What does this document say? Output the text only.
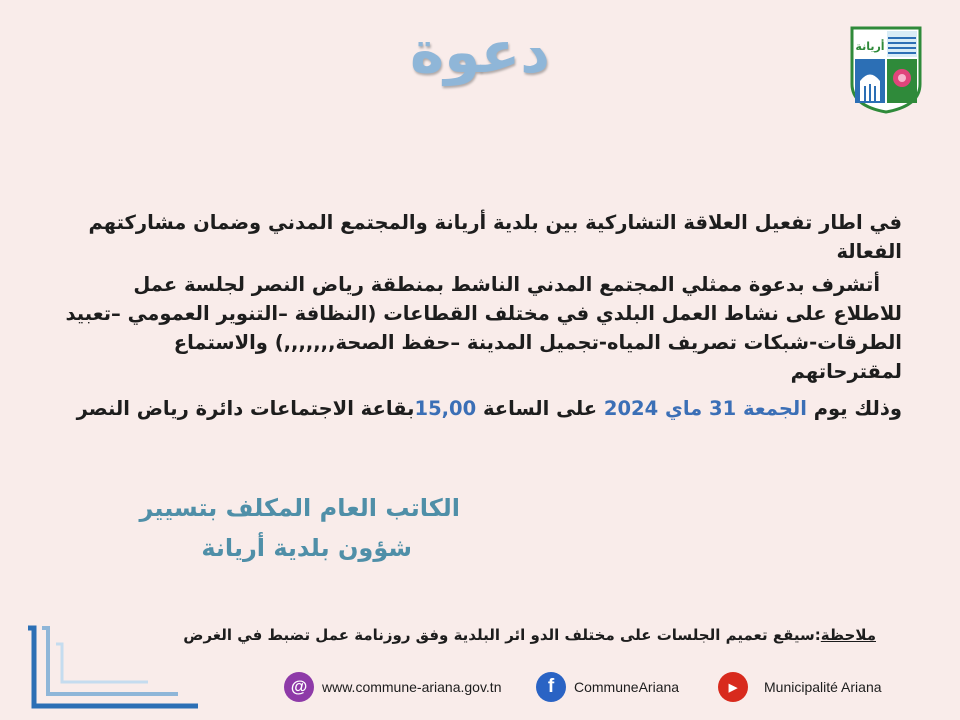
دعوة	أريانة

في اطار تفعيل العلاقة التشاركية بين بلدية أريانة والمجتمع المدني وضمان مشاركتهم الفعالة

أتشرف بدعوة ممثلي المجتمع المدني الناشط بمنطقة رياض النصر لجلسة عمل للاطلاع على نشاط العمل البلدي في مختلف القطاعات (النظافة –التنوير العمومي –تعبيد الطرقات-شبكات تصريف المياه-تجميل المدينة –حفظ الصحة,,,,,,,) والاستماع لمقترحاتهم

وذلك يوم الجمعة 31 ماي 2024 على الساعة 15,00بقاعة الاجتماعات دائرة رياض النصر

الكاتب العام المكلف بتسيير
شؤون بلدية أريانة
ملاحظة:سيقع تعميم الجلسات على مختلف الدو ائر البلدية وفق روزنامة عمل تضبط في الغرض
@	www.commune-ariana.gov.tn	f	CommuneAriana	▶	Municipalité Ariana
